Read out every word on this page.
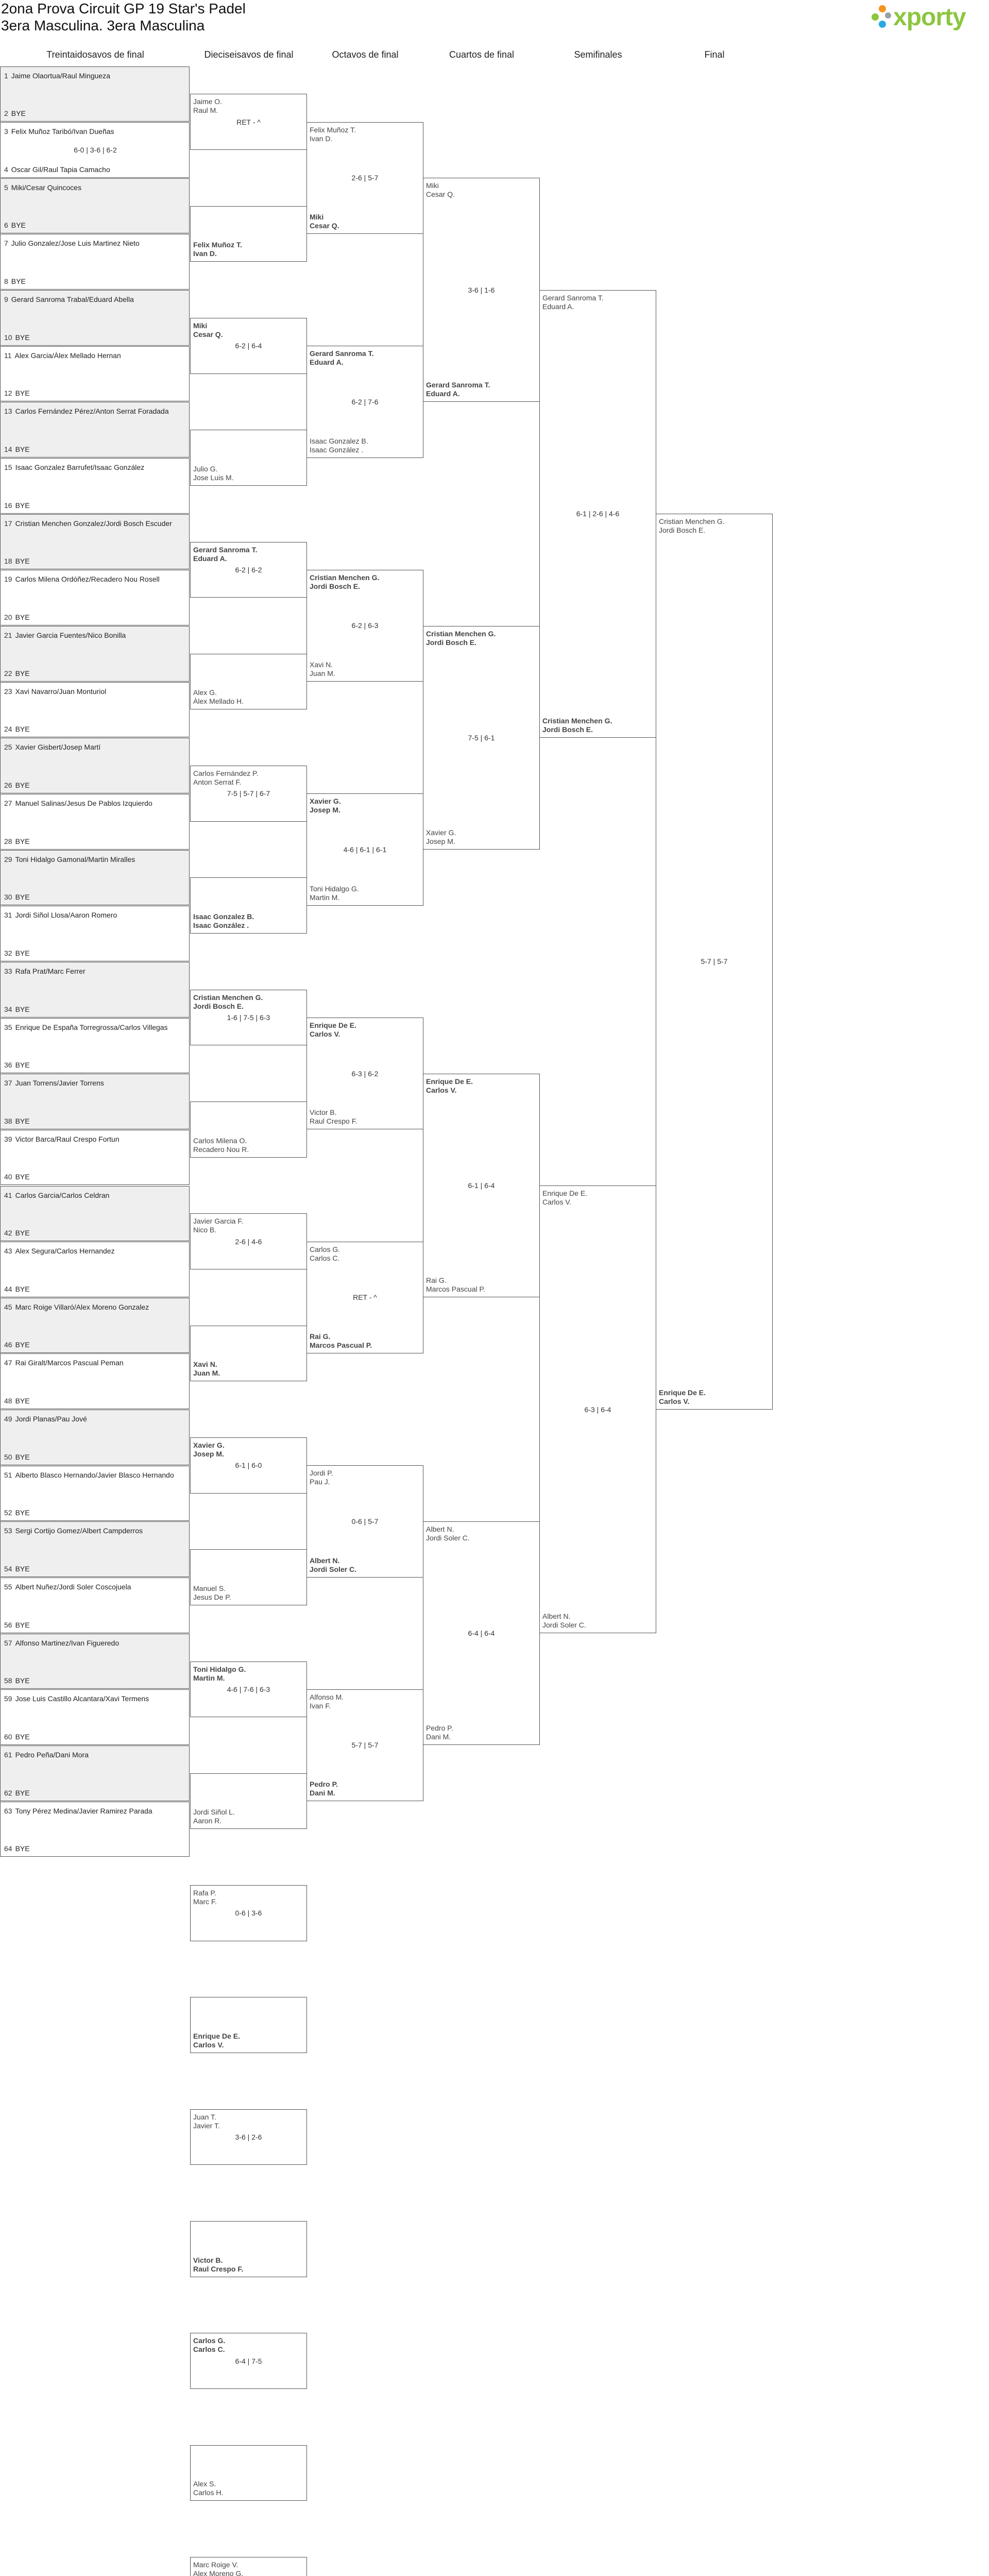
2ona Prova Circuit GP 19 Star's Padel
3era Masculina. 3era Masculina	xporty
Treintaidosavos de final	Dieciseisavos de final	Octavos de final	Cuartos de final	Semifinales	Final
1 Jaime Olaortua/Raul Mingueza
2 BYE
3 Felix Muñoz Taribó/Ivan Dueñas
4 Oscar Gil/Raul Tapia Camacho
6-0 | 3-6 | 6-2
5 Miki/Cesar Quincoces
6 BYE
7 Julio Gonzalez/Jose Luis Martinez Nieto
8 BYE
9 Gerard Sanroma Trabal/Eduard Abella
10 BYE
11 Alex Garcia/Àlex Mellado Hernan
12 BYE
13 Carlos Fernández Pérez/Anton Serrat Foradada
14 BYE
15 Isaac Gonzalez Barrufet/Isaac González
16 BYE
17 Cristian Menchen Gonzalez/Jordi Bosch Escuder
18 BYE
19 Carlos Milena Ordóñez/Recadero Nou Rosell
20 BYE
21 Javier Garcia Fuentes/Nico Bonilla
22 BYE
23 Xavi Navarro/Juan Monturiol
24 BYE
25 Xavier Gisbert/Josep Martí
26 BYE
27 Manuel Salinas/Jesus De Pablos Izquierdo
28 BYE
29 Toni Hidalgo Gamonal/Martin Miralles
30 BYE
31 Jordi Siñol Llosa/Aaron Romero
32 BYE
33 Rafa Prat/Marc Ferrer
34 BYE
35 Enrique De España Torregrossa/Carlos Villegas
36 BYE
37 Juan Torrens/Javier Torrens
38 BYE
39 Victor Barca/Raul Crespo Fortun
40 BYE
41 Carlos Garcia/Carlos Celdran
42 BYE
43 Alex Segura/Carlos Hernandez
44 BYE
45 Marc Roige Villaró/Alex Moreno Gonzalez
46 BYE
47 Rai Giralt/Marcos Pascual Peman
48 BYE
49 Jordi Planas/Pau Jové
50 BYE
51 Alberto Blasco Hernando/Javier Blasco Hernando
52 BYE
53 Sergi Cortijo Gomez/Albert Campderros
54 BYE
55 Albert Nuñez/Jordi Soler Coscojuela
56 BYE
57 Alfonso Martinez/Ivan Figueredo
58 BYE
59 Jose Luis Castillo Alcantara/Xavi Termens
60 BYE
61 Pedro Peña/Dani Mora
62 BYE
63 Tony Pérez Medina/Javier Ramirez Parada
64 BYE
Jaime O.
Raul M.
RET - ^
Felix Muñoz T.
Ivan D.
Miki
Cesar Q.
6-2 | 6-4
Julio G.
Jose Luis M.
Gerard Sanroma T.
Eduard A.
6-2 | 6-2
Alex G.
Àlex Mellado H.
Carlos Fernández P.
Anton Serrat F.
7-5 | 5-7 | 6-7
Isaac Gonzalez B.
Isaac González .
Cristian Menchen G.
Jordi Bosch E.
1-6 | 7-5 | 6-3
Carlos Milena O.
Recadero Nou R.
Javier Garcia F.
Nico B.
2-6 | 4-6
Xavi N.
Juan M.
Xavier G.
Josep M.
6-1 | 6-0
Manuel S.
Jesus De P.
Toni Hidalgo G.
Martin M.
4-6 | 7-6 | 6-3
Jordi Siñol L.
Aaron R.
Rafa P.
Marc F.
0-6 | 3-6
Enrique De E.
Carlos V.
Juan T.
Javier T.
3-6 | 2-6
Victor B.
Raul Crespo F.
Carlos G.
Carlos C.
6-4 | 7-5
Alex S.
Carlos H.
Marc Roige V.
Alex Moreno G.
Felix Muñoz T.
Ivan D.
Miki
Cesar Q.
2-6 | 5-7
Gerard Sanroma T.
Eduard A.
Isaac Gonzalez B.
Isaac González .
6-2 | 7-6
Cristian Menchen G.
Jordi Bosch E.
Xavi N.
Juan M.
6-2 | 6-3
Xavier G.
Josep M.
Toni Hidalgo G.
Martin M.
4-6 | 6-1 | 6-1
Enrique De E.
Carlos V.
Victor B.
Raul Crespo F.
6-3 | 6-2
Carlos G.
Carlos C.
Rai G.
Marcos Pascual P.
RET - ^
Jordi P.
Pau J.
Albert N.
Jordi Soler C.
0-6 | 5-7
Alfonso M.
Ivan F.
Pedro P.
Dani M.
5-7 | 5-7
Miki
Cesar Q.
Gerard Sanroma T.
Eduard A.
3-6 | 1-6
Cristian Menchen G.
Jordi Bosch E.
Xavier G.
Josep M.
7-5 | 6-1
Enrique De E.
Carlos V.
Rai G.
Marcos Pascual P.
6-1 | 6-4
Albert N.
Jordi Soler C.
Pedro P.
Dani M.
6-4 | 6-4
Gerard Sanroma T.
Eduard A.
Cristian Menchen G.
Jordi Bosch E.
6-1 | 2-6 | 4-6
Enrique De E.
Carlos V.
Albert N.
Jordi Soler C.
6-3 | 6-4
Cristian Menchen G.
Jordi Bosch E.
Enrique De E.
Carlos V.
5-7 | 5-7
